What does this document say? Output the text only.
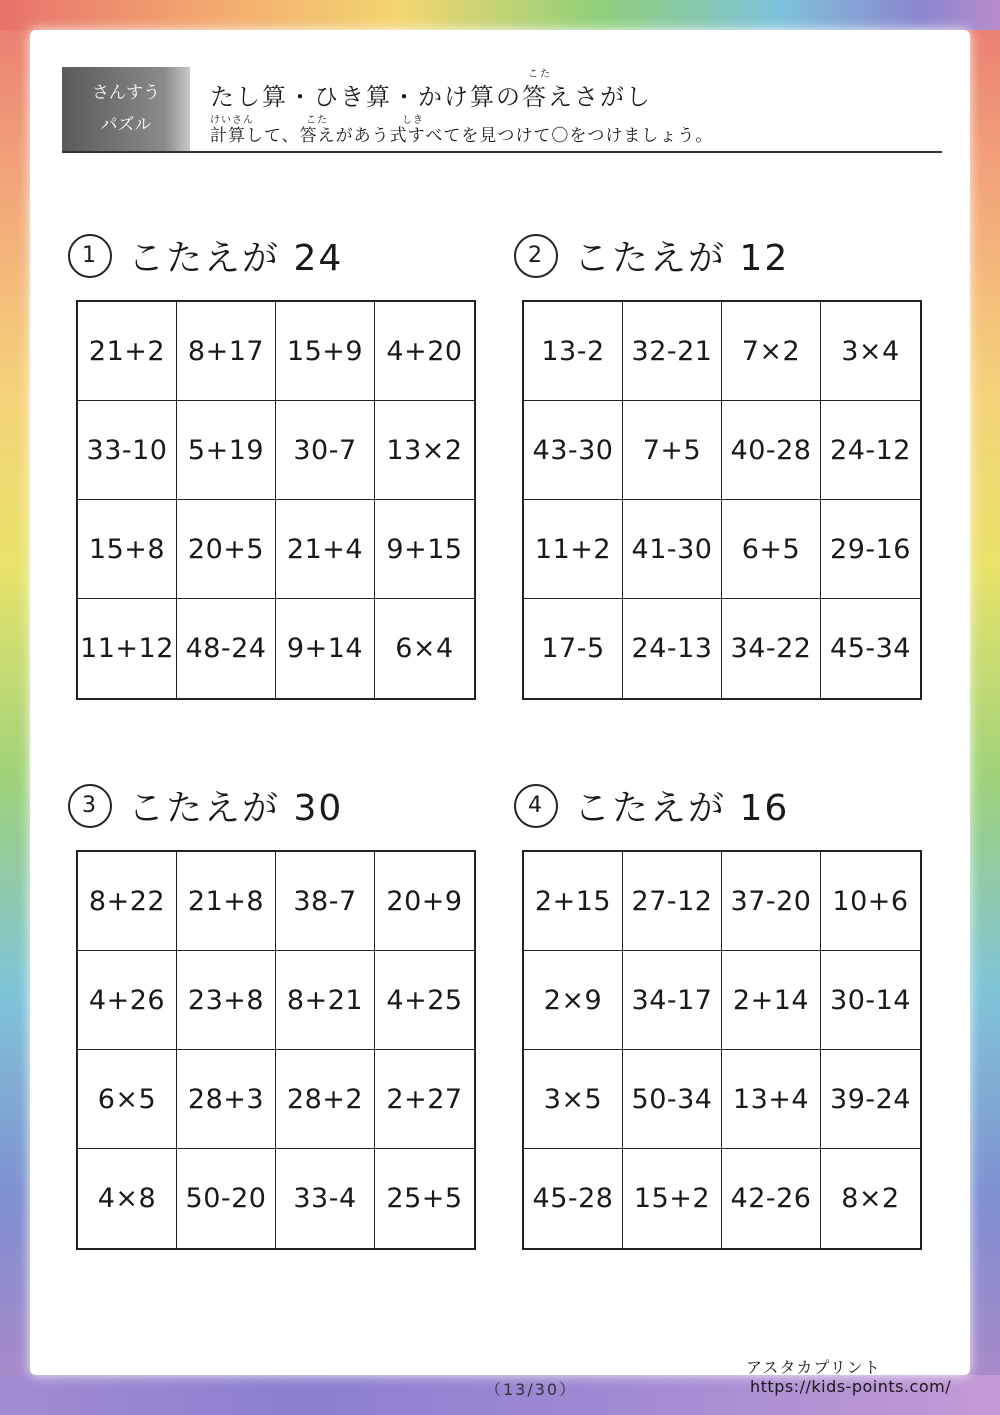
さんすう
パズル
こた
たし算・ひき算・かけ算の答えさがし
けいさん	こた	しき
計算して、答えがあう式すべてを見つけて〇をつけましょう。
1 こたえが 24
21+2 8+17 15+9 4+20
33-10 5+19	30-7	13×2
15+8 20+5 21+4 9+15
11+12 48-24 9+14	6×4
2 こたえが 12
13-2 32-21	7×2	3×4
43-30	7+5	40-28 24-12
11+2 41-30	6+5	29-16
17-5 24-13 34-22 45-34
3 こたえが 30
8+22 21+8	38-7	20+9
4+26 23+8 8+21 4+25
6×5	28+3 28+2 2+27
4×8	50-20 33-4	25+5
4 こたえが 16
2+15 27-12 37-20 10+6
2×9	34-17 2+14 30-14
3×5	50-34 13+4 39-24
45-28 15+2 42-26	8×2
（13/30）
アスタカプリント
https://kids-points.com/
